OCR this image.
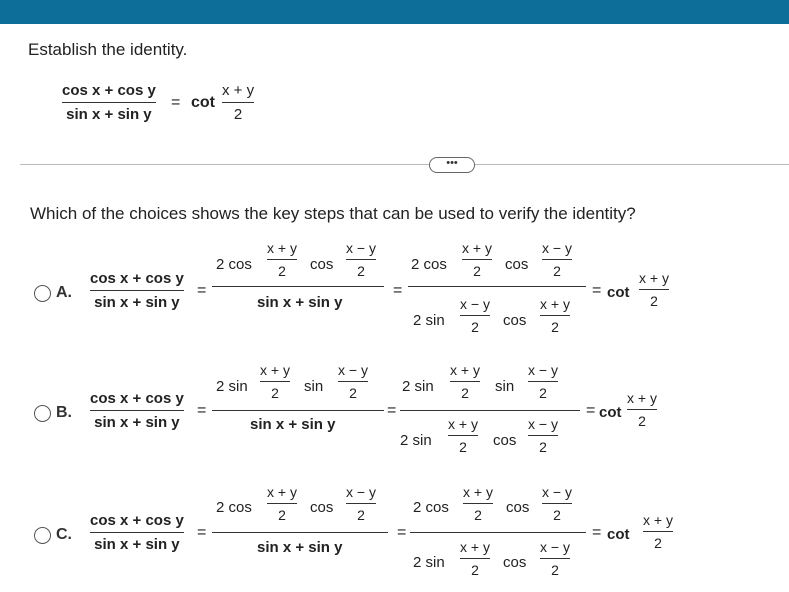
Establish the identity.
$\frac{\text{cos x + cos y}}{\text{sin x + sin y}} = \cot \frac{x + y}{2}$
•••
Which of the choices shows the key steps that can be used to verify the identity?
A. $\frac{\text{cos x + cos y}}{\text{sin x + sin y}}$ =
2 $\cos \frac{x + y}{2}$ $\cos \frac{x - y}{2}$
sin x + sin y
=
2 $\cos \frac{x + y}{2}$ $\cos \frac{x - y}{2}$
2 $\sin \frac{x - y}{2}$ $\cos \frac{x + y}{2}$
= $\cot \frac{x + y}{2}$
B. $\frac{\text{cos x + cos y}}{\text{sin x + sin y}}$ =
2 $\sin \frac{x + y}{2}$ $\sin \frac{x - y}{2}$
sin x + sin y
=
2 $\sin \frac{x + y}{2}$ $\sin \frac{x - y}{2}$
2 $\sin \frac{x + y}{2}$ $\cos \frac{x - y}{2}$
= $\cot \frac{x + y}{2}$
C. $\frac{\text{cos x + cos y}}{\text{sin x + sin y}}$ =
2 $\cos \frac{x + y}{2}$ $\cos \frac{x - y}{2}$
sin x + sin y
=
2 $\cos \frac{x + y}{2}$ $\cos \frac{x - y}{2}$
2 $\sin \frac{x + y}{2}$ $\cos \frac{x - y}{2}$
= $\cot \frac{x + y}{2}$
